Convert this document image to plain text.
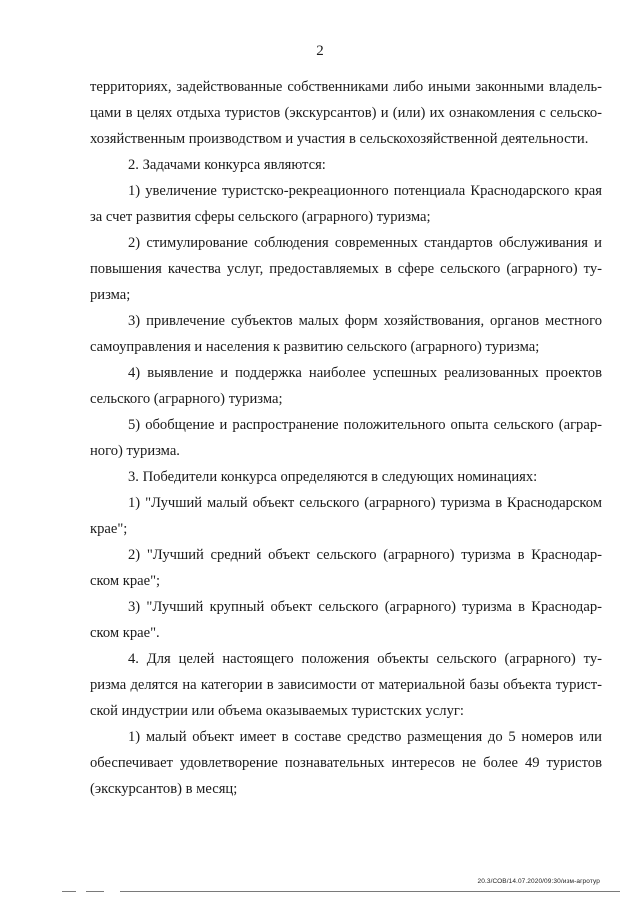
2

территориях, задействованные собственниками либо иными законными владель-цами в целях отдыха туристов (экскурсантов) и (или) их ознакомления с сельско-хозяйственным производством и участия в сельскохозяйственной деятельности.

2. Задачами конкурса являются:

1) увеличение туристско-рекреационного потенциала Краснодарского края за счет развития сферы сельского (аграрного) туризма;

2) стимулирование соблюдения современных стандартов обслуживания и повышения качества услуг, предоставляемых в сфере сельского (аграрного) ту-ризма;

3) привлечение субъектов малых форм хозяйствования, органов местного самоуправления и населения к развитию сельского (аграрного) туризма;

4) выявление и поддержка наиболее успешных реализованных проектов сельского (аграрного) туризма;

5) обобщение и распространение положительного опыта сельского (аграр-ного) туризма.

3. Победители конкурса определяются в следующих номинациях:

1) "Лучший малый объект сельского (аграрного) туризма в Краснодарском крае";

2) "Лучший средний объект сельского (аграрного) туризма в Краснодар-ском крае";

3) "Лучший крупный объект сельского (аграрного) туризма в Краснодар-ском крае".

4. Для целей настоящего положения объекты сельского (аграрного) ту-ризма делятся на категории в зависимости от материальной базы объекта турист-ской индустрии или объема оказываемых туристских услуг:

1) малый объект имеет в составе средство размещения до 5 номеров или обеспечивает удовлетворение познавательных интересов не более 49 туристов (экскурсантов) в месяц;

20.3/СОВ/14.07.2020/09:30/изм-агротур
